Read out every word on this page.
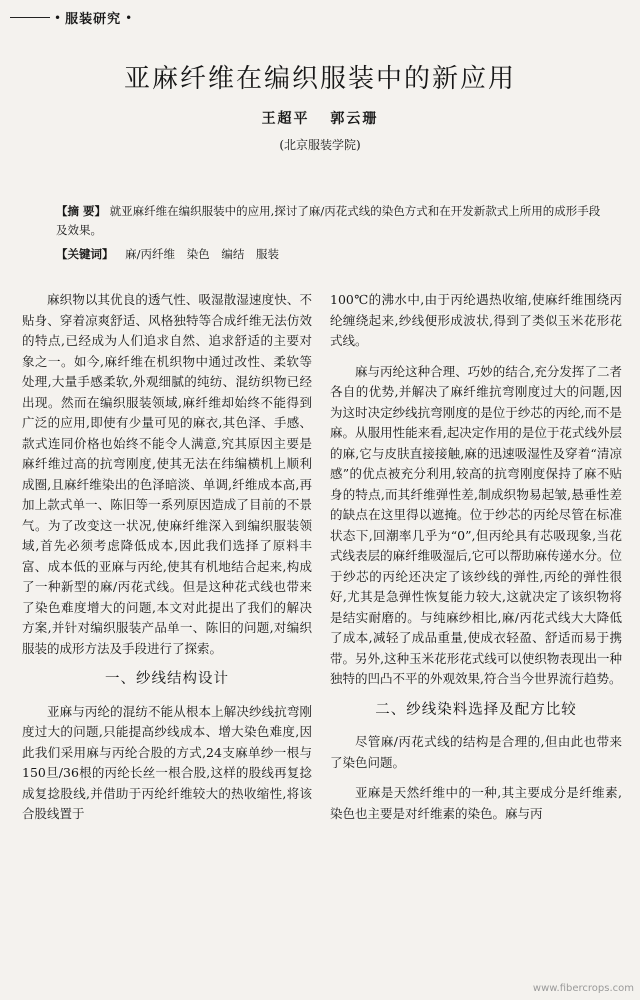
• 服装研究 •
亚麻纤维在编织服装中的新应用
王超平 郭云珊
(北京服装学院)
【摘 要】 就亚麻纤维在编织服装中的应用,探讨了麻/丙花式线的染色方式和在开发新款式上所用的成形手段及效果。
【关键词】 麻/丙纤维 染色 编结 服装

麻织物以其优良的透气性、吸湿散湿速度快、不贴身、穿着凉爽舒适、风格独特等合成纤维无法仿效的特点,已经成为人们追求自然、追求舒适的主要对象之一。如今,麻纤维在机织物中通过改性、柔软等处理,大量手感柔软,外观细腻的纯纺、混纺织物已经出现。然而在编织服装领域,麻纤维却始终不能得到广泛的应用,即使有少量可见的麻衣,其色泽、手感、款式连同价格也始终不能令人满意,究其原因主要是麻纤维过高的抗弯刚度,使其无法在纬编横机上顺利成圈,且麻纤维染出的色泽暗淡、单调,纤维成本高,再加上款式单一、陈旧等一系列原因造成了目前的不景气。为了改变这一状况,使麻纤维深入到编织服装领域,首先必须考虑降低成本,因此我们选择了原料丰富、成本低的亚麻与丙纶,使其有机地结合起来,构成了一种新型的麻/丙花式线。但是这种花式线也带来了染色难度增大的问题,本文对此提出了我们的解决方案,并针对编织服装产品单一、陈旧的问题,对编织服装的成形方法及手段进行了探索。

一、纱线结构设计

亚麻与丙纶的混纺不能从根本上解决纱线抗弯刚度过大的问题,只能提高纱线成本、增大染色难度,因此我们采用麻与丙纶合股的方式,24支麻单纱一根与150旦/36根的丙纶长丝一根合股,这样的股线再复捻成复捻股线,并借助于丙纶纤维较大的热收缩性,将该合股线置于

100℃的沸水中,由于丙纶遇热收缩,使麻纤维围绕丙纶缠绕起来,纱线便形成波状,得到了类似玉米花形花式线。

麻与丙纶这种合理、巧妙的结合,充分发挥了二者各自的优势,并解决了麻纤维抗弯刚度过大的问题,因为这时决定纱线抗弯刚度的是位于纱芯的丙纶,而不是麻。从服用性能来看,起决定作用的是位于花式线外层的麻,它与皮肤直接接触,麻的迅速吸湿性及穿着“清凉感”的优点被充分利用,较高的抗弯刚度保持了麻不贴身的特点,而其纤维弹性差,制成织物易起皱,悬垂性差的缺点在这里得以遮掩。位于纱芯的丙纶尽管在标准状态下,回潮率几乎为“0”,但丙纶具有芯吸现象,当花式线表层的麻纤维吸湿后,它可以帮助麻传递水分。位于纱芯的丙纶还决定了该纱线的弹性,丙纶的弹性很好,尤其是急弹性恢复能力较大,这就决定了该织物将是结实耐磨的。与纯麻纱相比,麻/丙花式线大大降低了成本,减轻了成品重量,使成衣轻盈、舒适而易于携带。另外,这种玉米花形花式线可以使织物表现出一种独特的凹凸不平的外观效果,符合当今世界流行趋势。

二、纱线染料选择及配方比较

尽管麻/丙花式线的结构是合理的,但由此也带来了染色问题。

亚麻是天然纤维中的一种,其主要成分是纤维素,染色也主要是对纤维素的染色。麻与丙

www.fibercrops.com
